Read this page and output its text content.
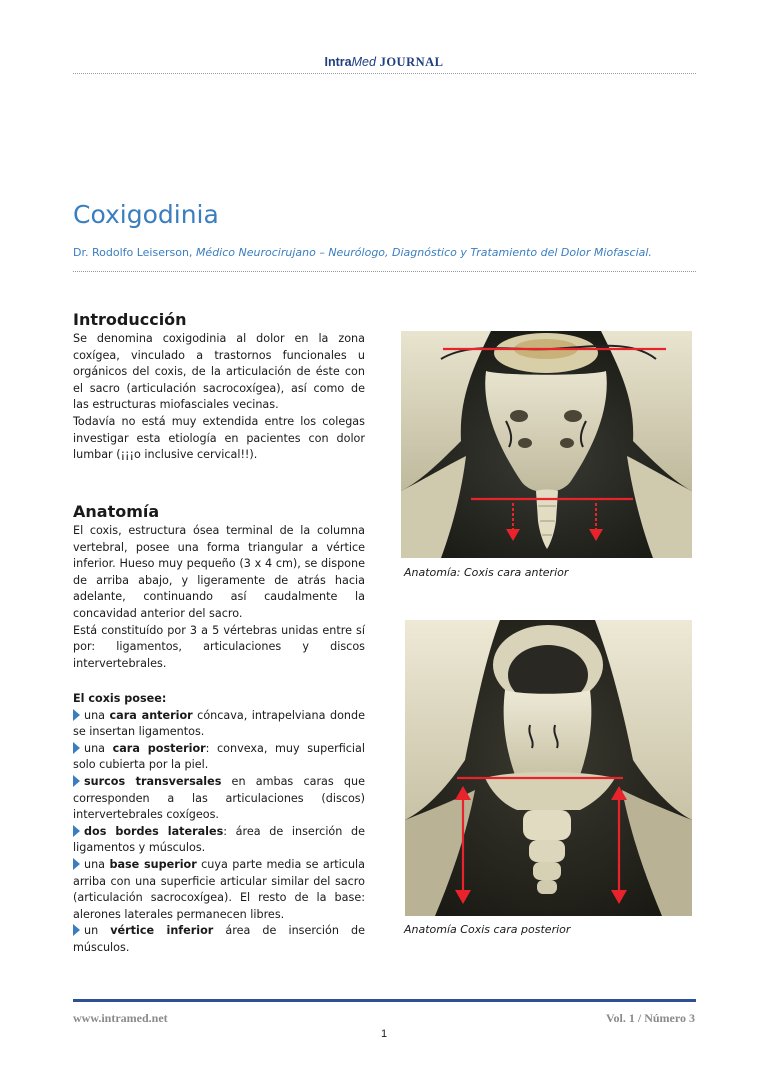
IntraMed JOURNAL
Coxigodinia
Dr. Rodolfo Leiserson, Médico Neurocirujano – Neurólogo, Diagnóstico y Tratamiento del Dolor Miofascial.
Introducción

Se denomina coxigodinia al dolor en la zona coxígea, vinculado a trastornos funcionales u orgánicos del coxis, de la articulación de éste con el sacro (articulación sacrocoxígea), así como de las estructuras miofasciales vecinas.

Todavía no está muy extendida entre los colegas investigar esta etiología en pacientes con dolor lumbar (¡¡¡o inclusive cervical!!).

Anatomía

El coxis, estructura ósea terminal de la columna vertebral, posee una forma triangular a vértice inferior. Hueso muy pequeño (3 x 4 cm), se dispone de arriba abajo, y ligeramente de atrás hacia adelante, continuando así caudalmente la concavidad anterior del sacro.

Está constituído por 3 a 5 vértebras unidas entre sí por: ligamentos, articulaciones y discos intervertebrales.

El coxis posee:
una cara anterior cóncava, intrapelviana donde se insertan ligamentos.
una cara posterior: convexa, muy superficial solo cubierta por la piel.
surcos transversales en ambas caras que corresponden a las articulaciones (discos) intervertebrales coxígeos.
dos bordes laterales: área de inserción de ligamentos y músculos.
una base superior cuya parte media se articula arriba con una superficie articular similar del sacro (articulación sacrocoxígea). El resto de la base: alerones laterales permanecen libres.
un vértice inferior área de inserción de músculos.
Anatomía: Coxis cara anterior
Anatomía Coxis cara posterior
www.intramed.net	Vol. 1 / Número 3
1
